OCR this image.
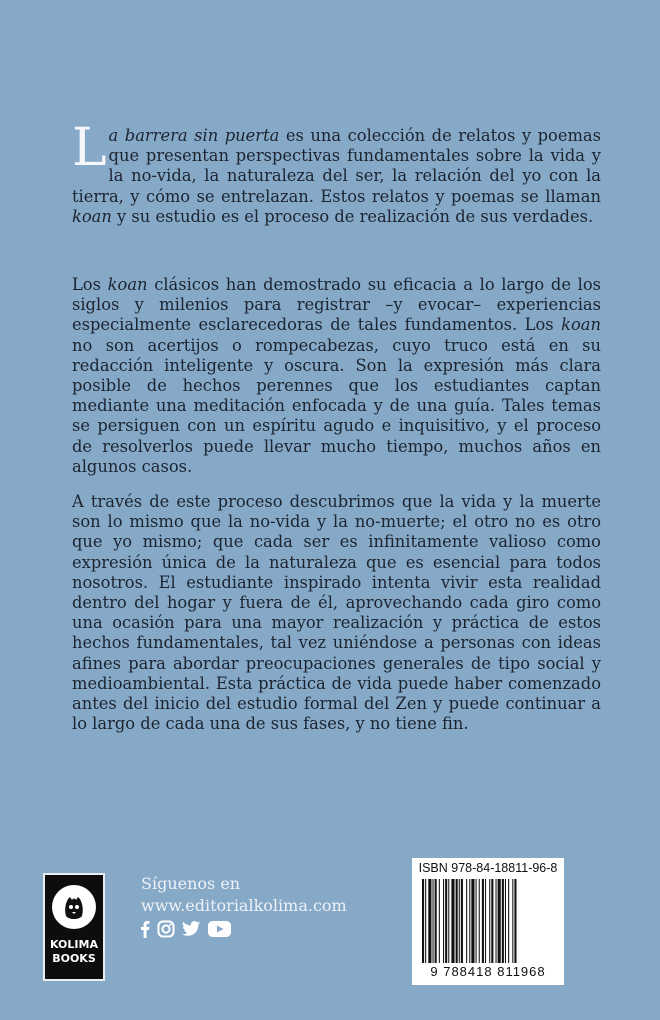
La barrera sin puerta es una colección de relatos y poemas que presentan perspectivas fundamentales sobre la vida y la no-vida, la naturaleza del ser, la relación del yo con la tierra, y cómo se entrelazan. Estos relatos y poemas se llaman koan y su estudio es el proceso de realización de sus verdades.

Los koan clásicos han demostrado su eficacia a lo largo de los siglos y milenios para registrar –y evocar– experiencias especialmente esclarecedoras de tales fundamentos. Los koan no son acertijos o rompecabezas, cuyo truco está en su redacción inteligente y oscura. Son la expresión más clara posible de hechos perennes que los estudiantes captan mediante una meditación enfocada y de una guía. Tales temas se persiguen con un espíritu agudo e inquisitivo, y el proceso de resolverlos puede llevar mucho tiempo, muchos años en algunos casos.

A través de este proceso descubrimos que la vida y la muerte son lo mismo que la no-vida y la no-muerte; el otro no es otro que yo mismo; que cada ser es infinitamente valioso como expresión única de la naturaleza que es esencial para todos nosotros. El estudiante inspirado intenta vivir esta realidad dentro del hogar y fuera de él, aprovechando cada giro como una ocasión para una mayor realización y práctica de estos hechos fundamentales, tal vez uniéndose a personas con ideas afines para abordar preocupaciones generales de tipo social y medioambiental. Esta práctica de vida puede haber comenzado antes del inicio del estudio formal del Zen y puede continuar a lo largo de cada una de sus fases, y no tiene fin.

KOLIMA
BOOKS
Síguenos en
www.editorialkolima.com
ISBN 978-84-18811-96-8
9 788418 811968
